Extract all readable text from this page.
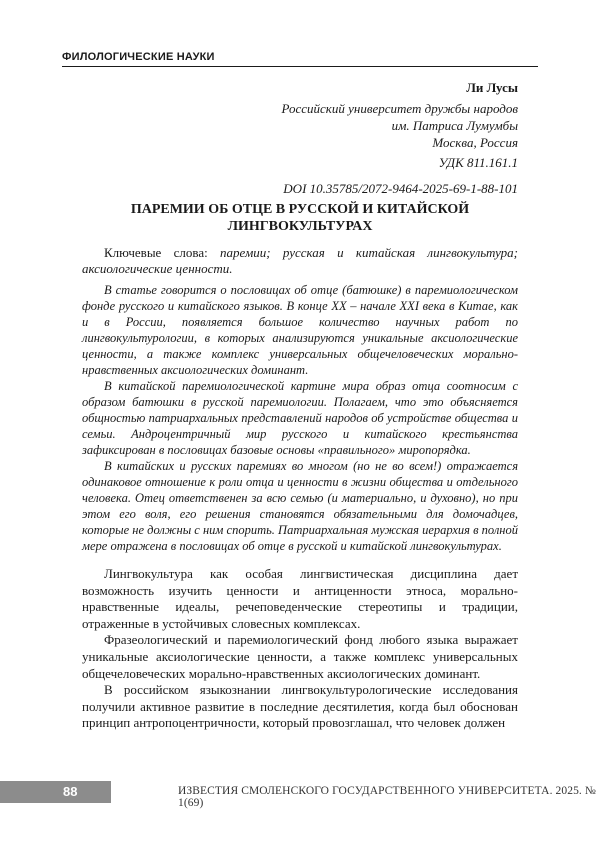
ФИЛОЛОГИЧЕСКИЕ НАУКИ
Ли Лусы
Российский университет дружбы народов
им. Патриса Лумумбы
Москва, Россия
УДК 811.161.1
DOI 10.35785/2072-9464-2025-69-1-88-101
ПАРЕМИИ ОБ ОТЦЕ В РУССКОЙ И КИТАЙСКОЙ ЛИНГВОКУЛЬТУРАХ

Ключевые слова: паремии; русская и китайская лингвокультура; аксиологические ценности.

В статье говорится о пословицах об отце (батюшке) в паремиологическом фонде русского и китайского языков. В конце XX – начале XXI века в Китае, как и в России, появляется большое количество научных работ по лингвокультурологии, в которых анализируются уникальные аксиологические ценности, а также комплекс универсальных общечеловеческих морально-нравственных аксиологических доминант.

В китайской паремиологической картине мира образ отца соотносим с образом батюшки в русской паремиологии. Полагаем, что это объясняется общностью патриархальных представлений народов об устройстве общества и семьи. Андроцентричный мир русского и китайского крестьянства зафиксирован в пословицах базовые основы «правильного» миропорядка.

В китайских и русских паремиях во многом (но не во всем!) отражается одинаковое отношение к роли отца и ценности в жизни общества и отдельного человека. Отец ответственен за всю семью (и материально, и духовно), но при этом его воля, его решения становятся обязательными для домочадцев, которые не должны с ним спорить. Патриархальная мужская иерархия в полной мере отражена в пословицах об отце в русской и китайской лингвокультурах.

Лингвокультура как особая лингвистическая дисциплина дает возможность изучить ценности и антиценности этноса, морально-нравственные идеалы, речеповеденческие стереотипы и традиции, отраженные в устойчивых словесных комплексах.

Фразеологический и паремиологический фонд любого языка выражает уникальные аксиологические ценности, а также комплекс универсальных общечеловеческих морально-нравственных аксиологических доминант.

В российском языкознании лингвокультурологические исследования получили активное развитие в последние десятилетия, когда был обоснован принцип антропоцентричности, который провозглашал, что человек должен

88	ИЗВЕСТИЯ СМОЛЕНСКОГО ГОСУДАРСТВЕННОГО УНИВЕРСИТЕТА. 2025. № 1(69)
